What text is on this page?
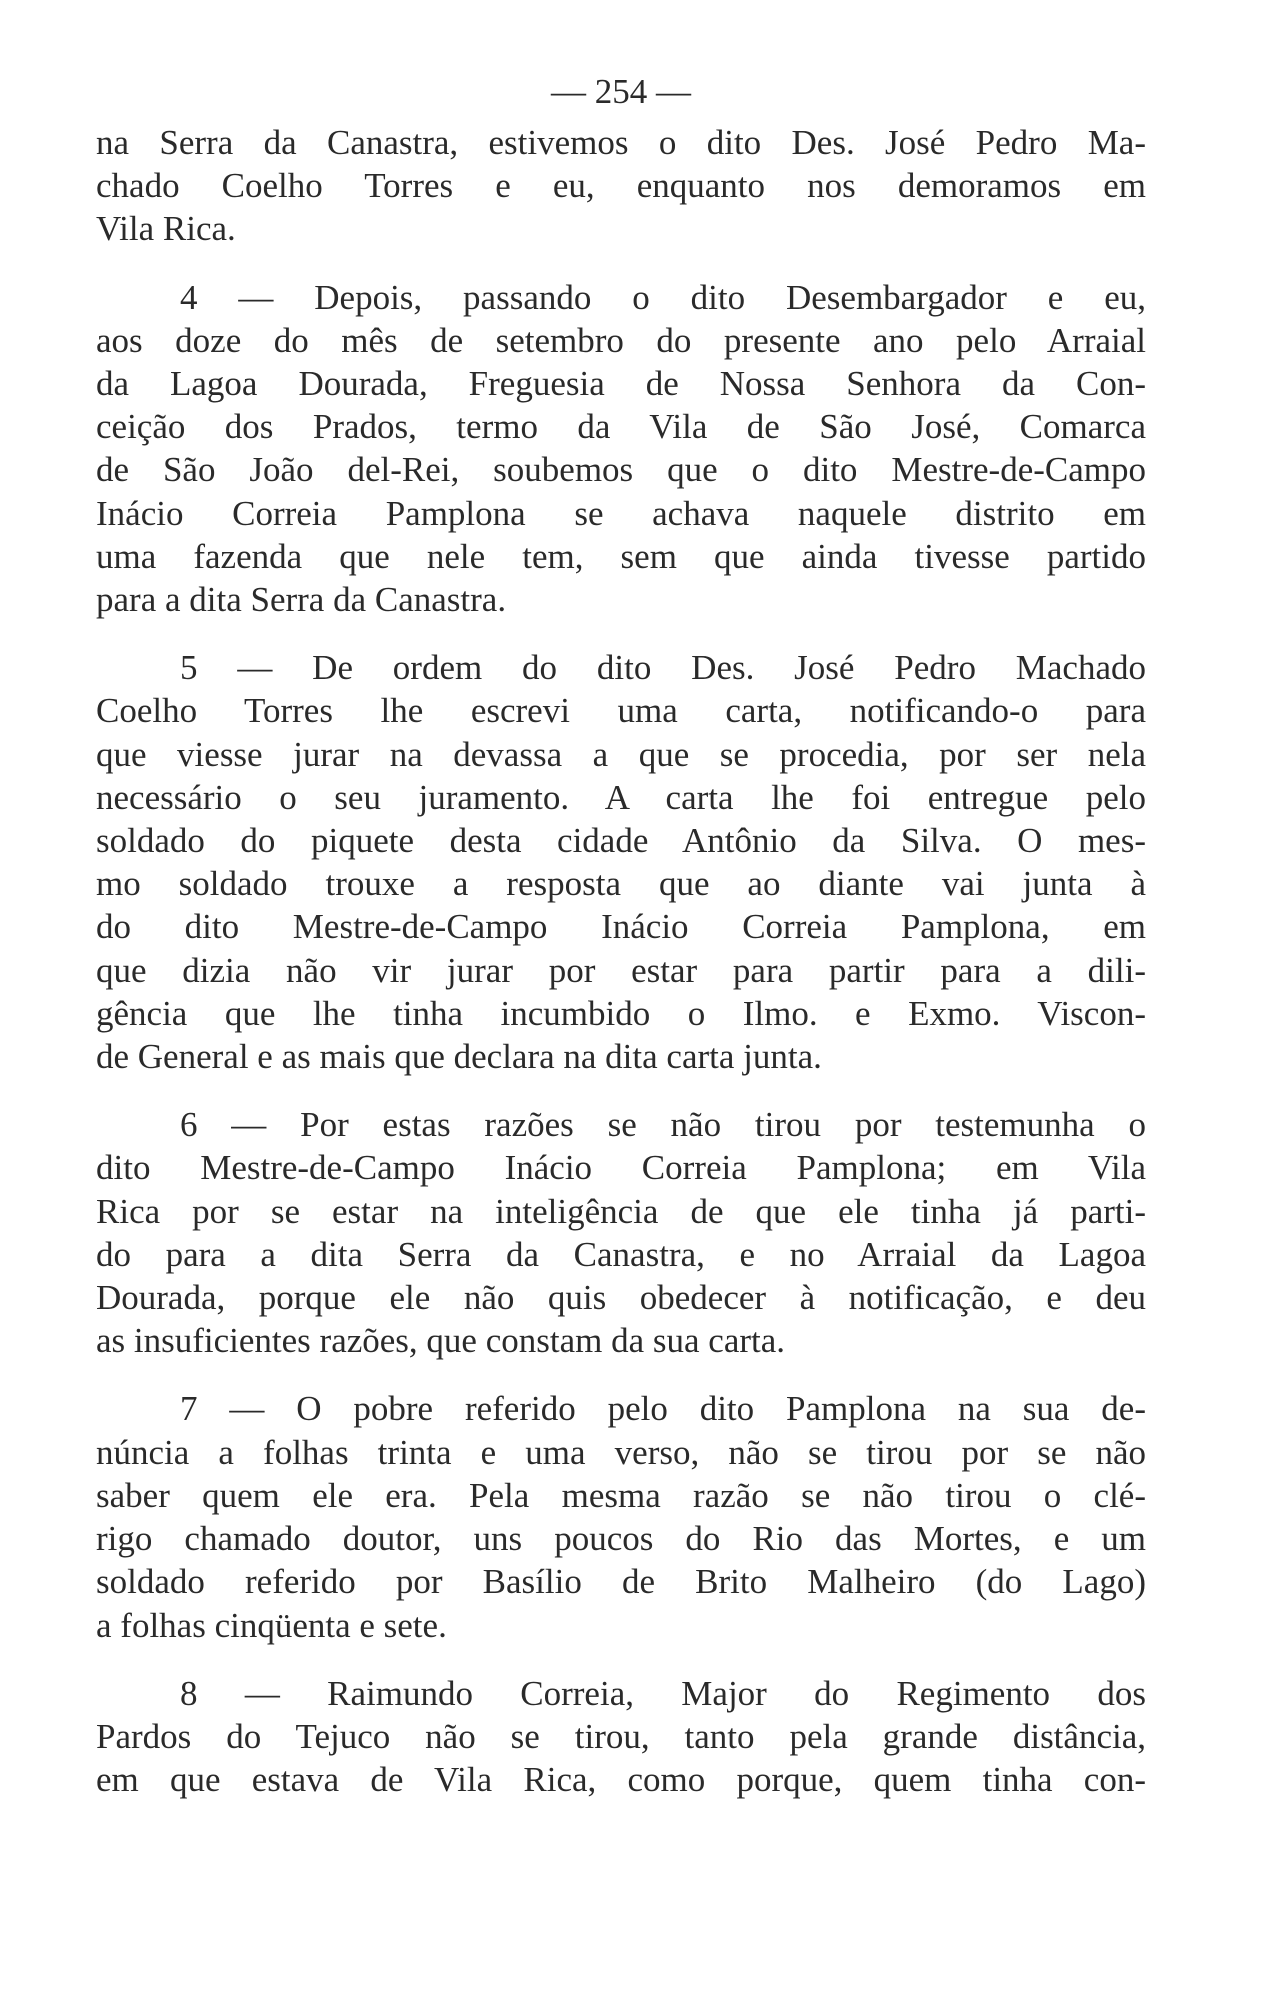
— 254 —
na Serra da Canastra, estivemos o dito Des. José Pedro Ma-
chado Coelho Torres e eu, enquanto nos demoramos em
Vila Rica.
4 — Depois, passando o dito Desembargador e eu,
aos doze do mês de setembro do presente ano pelo Arraial
da Lagoa Dourada, Freguesia de Nossa Senhora da Con-
ceição dos Prados, termo da Vila de São José, Comarca
de São João del-Rei, soubemos que o dito Mestre-de-Campo
Inácio Correia Pamplona se achava naquele distrito em
uma fazenda que nele tem, sem que ainda tivesse partido
para a dita Serra da Canastra.
5 — De ordem do dito Des. José Pedro Machado
Coelho Torres lhe escrevi uma carta, notificando-o para
que viesse jurar na devassa a que se procedia, por ser nela
necessário o seu juramento. A carta lhe foi entregue pelo
soldado do piquete desta cidade Antônio da Silva. O mes-
mo soldado trouxe a resposta que ao diante vai junta à
do dito Mestre-de-Campo Inácio Correia Pamplona, em
que dizia não vir jurar por estar para partir para a dili-
gência que lhe tinha incumbido o Ilmo. e Exmo. Viscon-
de General e as mais que declara na dita carta junta.
6 — Por estas razões se não tirou por testemunha o
dito Mestre-de-Campo Inácio Correia Pamplona; em Vila
Rica por se estar na inteligência de que ele tinha já parti-
do para a dita Serra da Canastra, e no Arraial da Lagoa
Dourada, porque ele não quis obedecer à notificação, e deu
as insuficientes razões, que constam da sua carta.
7 — O pobre referido pelo dito Pamplona na sua de-
núncia a folhas trinta e uma verso, não se tirou por se não
saber quem ele era. Pela mesma razão se não tirou o clé-
rigo chamado doutor, uns poucos do Rio das Mortes, e um
soldado referido por Basílio de Brito Malheiro (do Lago)
a folhas cinqüenta e sete.
8 — Raimundo Correia, Major do Regimento dos
Pardos do Tejuco não se tirou, tanto pela grande distância,
em que estava de Vila Rica, como porque, quem tinha con-
